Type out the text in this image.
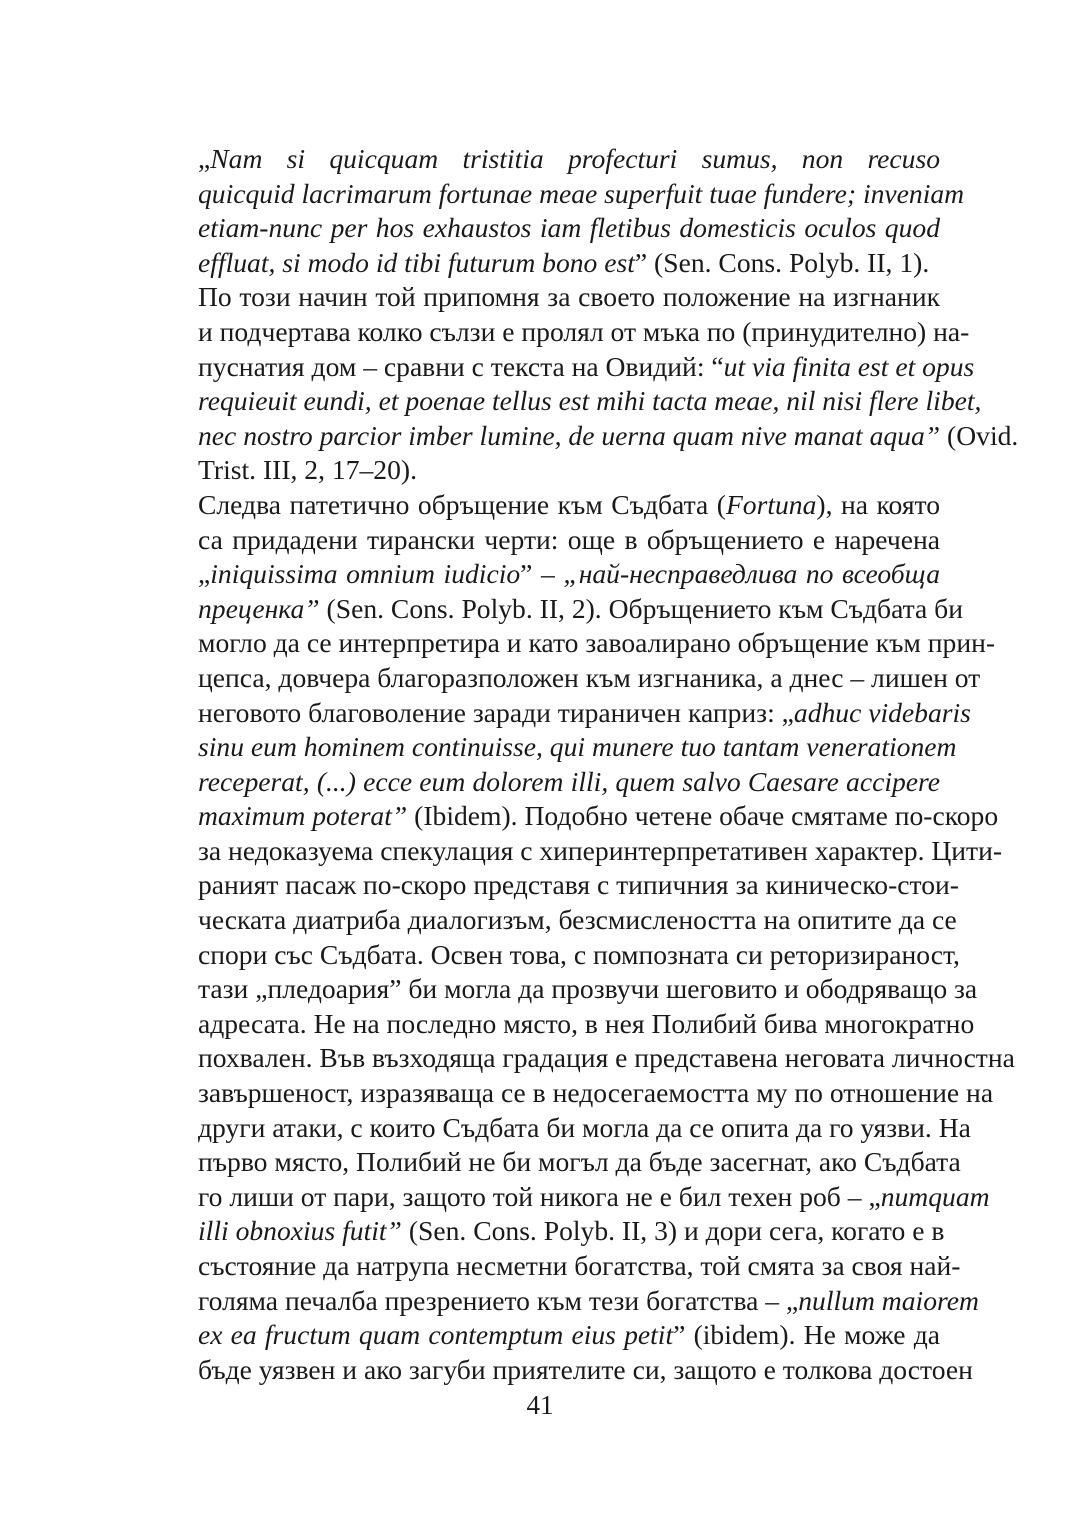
„Nam si quicquam tristitia profecturi sumus, non recuso
quicquid lacrimarum fortunae meae superfuit tuae fundere; inveniam
etiam-nunc per hos exhaustos iam fletibus domesticis oculos quod
effluat, si modo id tibi futurum bono est” (Sen. Cons. Polyb. II, 1).

По този начин той припомня за своето положение на изгнаник
и подчертава колко сълзи е пролял от мъка по (принудително) на-
пуснатия дом – сравни с текста на Овидий: “ut via finita est et opus
requieuit eundi, et poenae tellus est mihi tacta meae, nil nisi flere libet,
nec nostro parcior imber lumine, de uerna quam nive manat aqua” (Ovid.
Trist. III, 2, 17–20).

Следва патетично обръщение към Съдбата (Fortuna), на която
са придадени тирански черти: още в обръщението е наречена
„iniquissima omnium iudicio” – „най-несправедлива по всеобща
преценка” (Sen. Cons. Polyb. II, 2). Обръщението към Съдбата би
могло да се интерпретира и като завоалирано обръщение към прин-
цепса, довчера благоразположен към изгнаника, а днес – лишен от
неговото благоволение заради тираничен каприз: „adhuc videbaris
sinu eum hominem continuisse, qui munere tuo tantam venerationem
receperat, (...) ecce eum dolorem illi, quem salvo Caesare accipere
maximum poterat” (Ibidem). Подобно четене обаче смятаме по-скоро
за недоказуема спекулация с хиперинтерпретативен характер. Цити-
раният пасаж по-скоро представя с типичния за киническо-стои-
ческата диатриба диалогизъм, безсмислеността на опитите да се
спори със Съдбата. Освен това, с помпозната си реторизираност,
тази „пледоария” би могла да прозвучи шеговито и ободряващо за
адресата. Не на последно място, в нея Полибий бива многократно
похвален. Във възходяща градация е представена неговата личностна
завършеност, изразяваща се в недосегаемостта му по отношение на
други атаки, с които Съдбата би могла да се опита да го уязви. На
първо място, Полибий не би могъл да бъде засегнат, ако Съдбата
го лиши от пари, защото той никога не е бил техен роб – „numquam
illi obnoxius futit” (Sen. Cons. Polyb. II, 3) и дори сега, когато е в
състояние да натрупа несметни богатства, той смята за своя най-
голяма печалба презрението към тези богатства – „nullum maiorem
ex ea fructum quam contemptum eius petit” (ibidem). Не може да
бъде уязвен и ако загуби приятелите си, защото е толкова достоен

41
